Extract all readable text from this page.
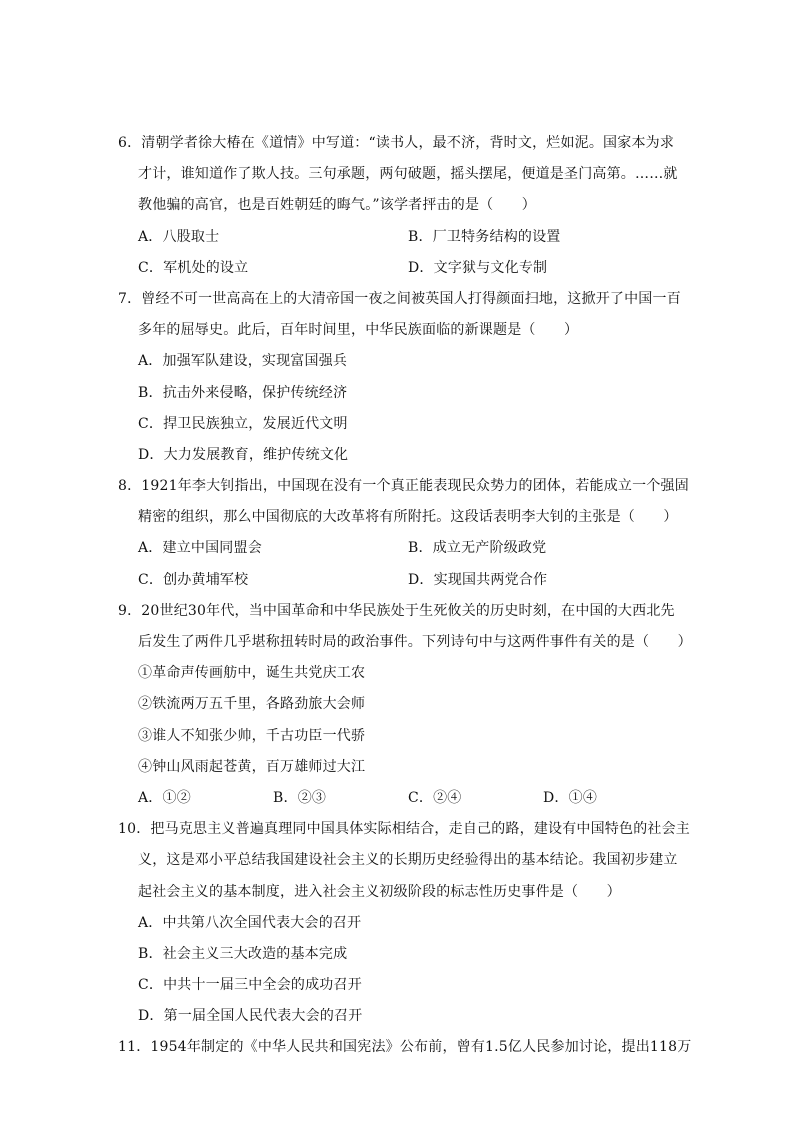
6．清朝学者徐大椿在《道情》中写道：“读书人，最不济，背时文，烂如泥。国家本为求
才计，谁知道作了欺人技。三句承题，两句破题，摇头摆尾，便道是圣门高第。……就
教他骗的高官，也是百姓朝廷的晦气。”该学者抨击的是（　　）
A．八股取士	B．厂卫特务结构的设置
C．军机处的设立	D．文字狱与文化专制
7．曾经不可一世高高在上的大清帝国一夜之间被英国人打得颜面扫地，这掀开了中国一百
多年的屈辱史。此后，百年时间里，中华民族面临的新课题是（　　）
A．加强军队建设，实现富国强兵
B．抗击外来侵略，保护传统经济
C．捍卫民族独立，发展近代文明
D．大力发展教育，维护传统文化
8．1921年李大钊指出，中国现在没有一个真正能表现民众势力的团体，若能成立一个强固
精密的组织，那么中国彻底的大改革将有所附托。这段话表明李大钊的主张是（　　）
A．建立中国同盟会	B．成立无产阶级政党
C．创办黄埔军校	D．实现国共两党合作
9．20世纪30年代，当中国革命和中华民族处于生死攸关的历史时刻，在中国的大西北先
后发生了两件几乎堪称扭转时局的政治事件。下列诗句中与这两件事件有关的是（　　）
①革命声传画舫中，诞生共党庆工农
②铁流两万五千里，各路劲旅大会师
③谁人不知张少帅，千古功臣一代骄
④钟山风雨起苍黄，百万雄师过大江
A．①②	B．②③	C．②④	D．①④
10．把马克思主义普遍真理同中国具体实际相结合，走自己的路，建设有中国特色的社会主
义，这是邓小平总结我国建设社会主义的长期历史经验得出的基本结论。我国初步建立
起社会主义的基本制度，进入社会主义初级阶段的标志性历史事件是（　　）
A．中共第八次全国代表大会的召开
B．社会主义三大改造的基本完成
C．中共十一届三中全会的成功召开
D．第一届全国人民代表大会的召开
11．1954年制定的《中华人民共和国宪法》公布前，曾有1.5亿人民参加讨论，提出118万
